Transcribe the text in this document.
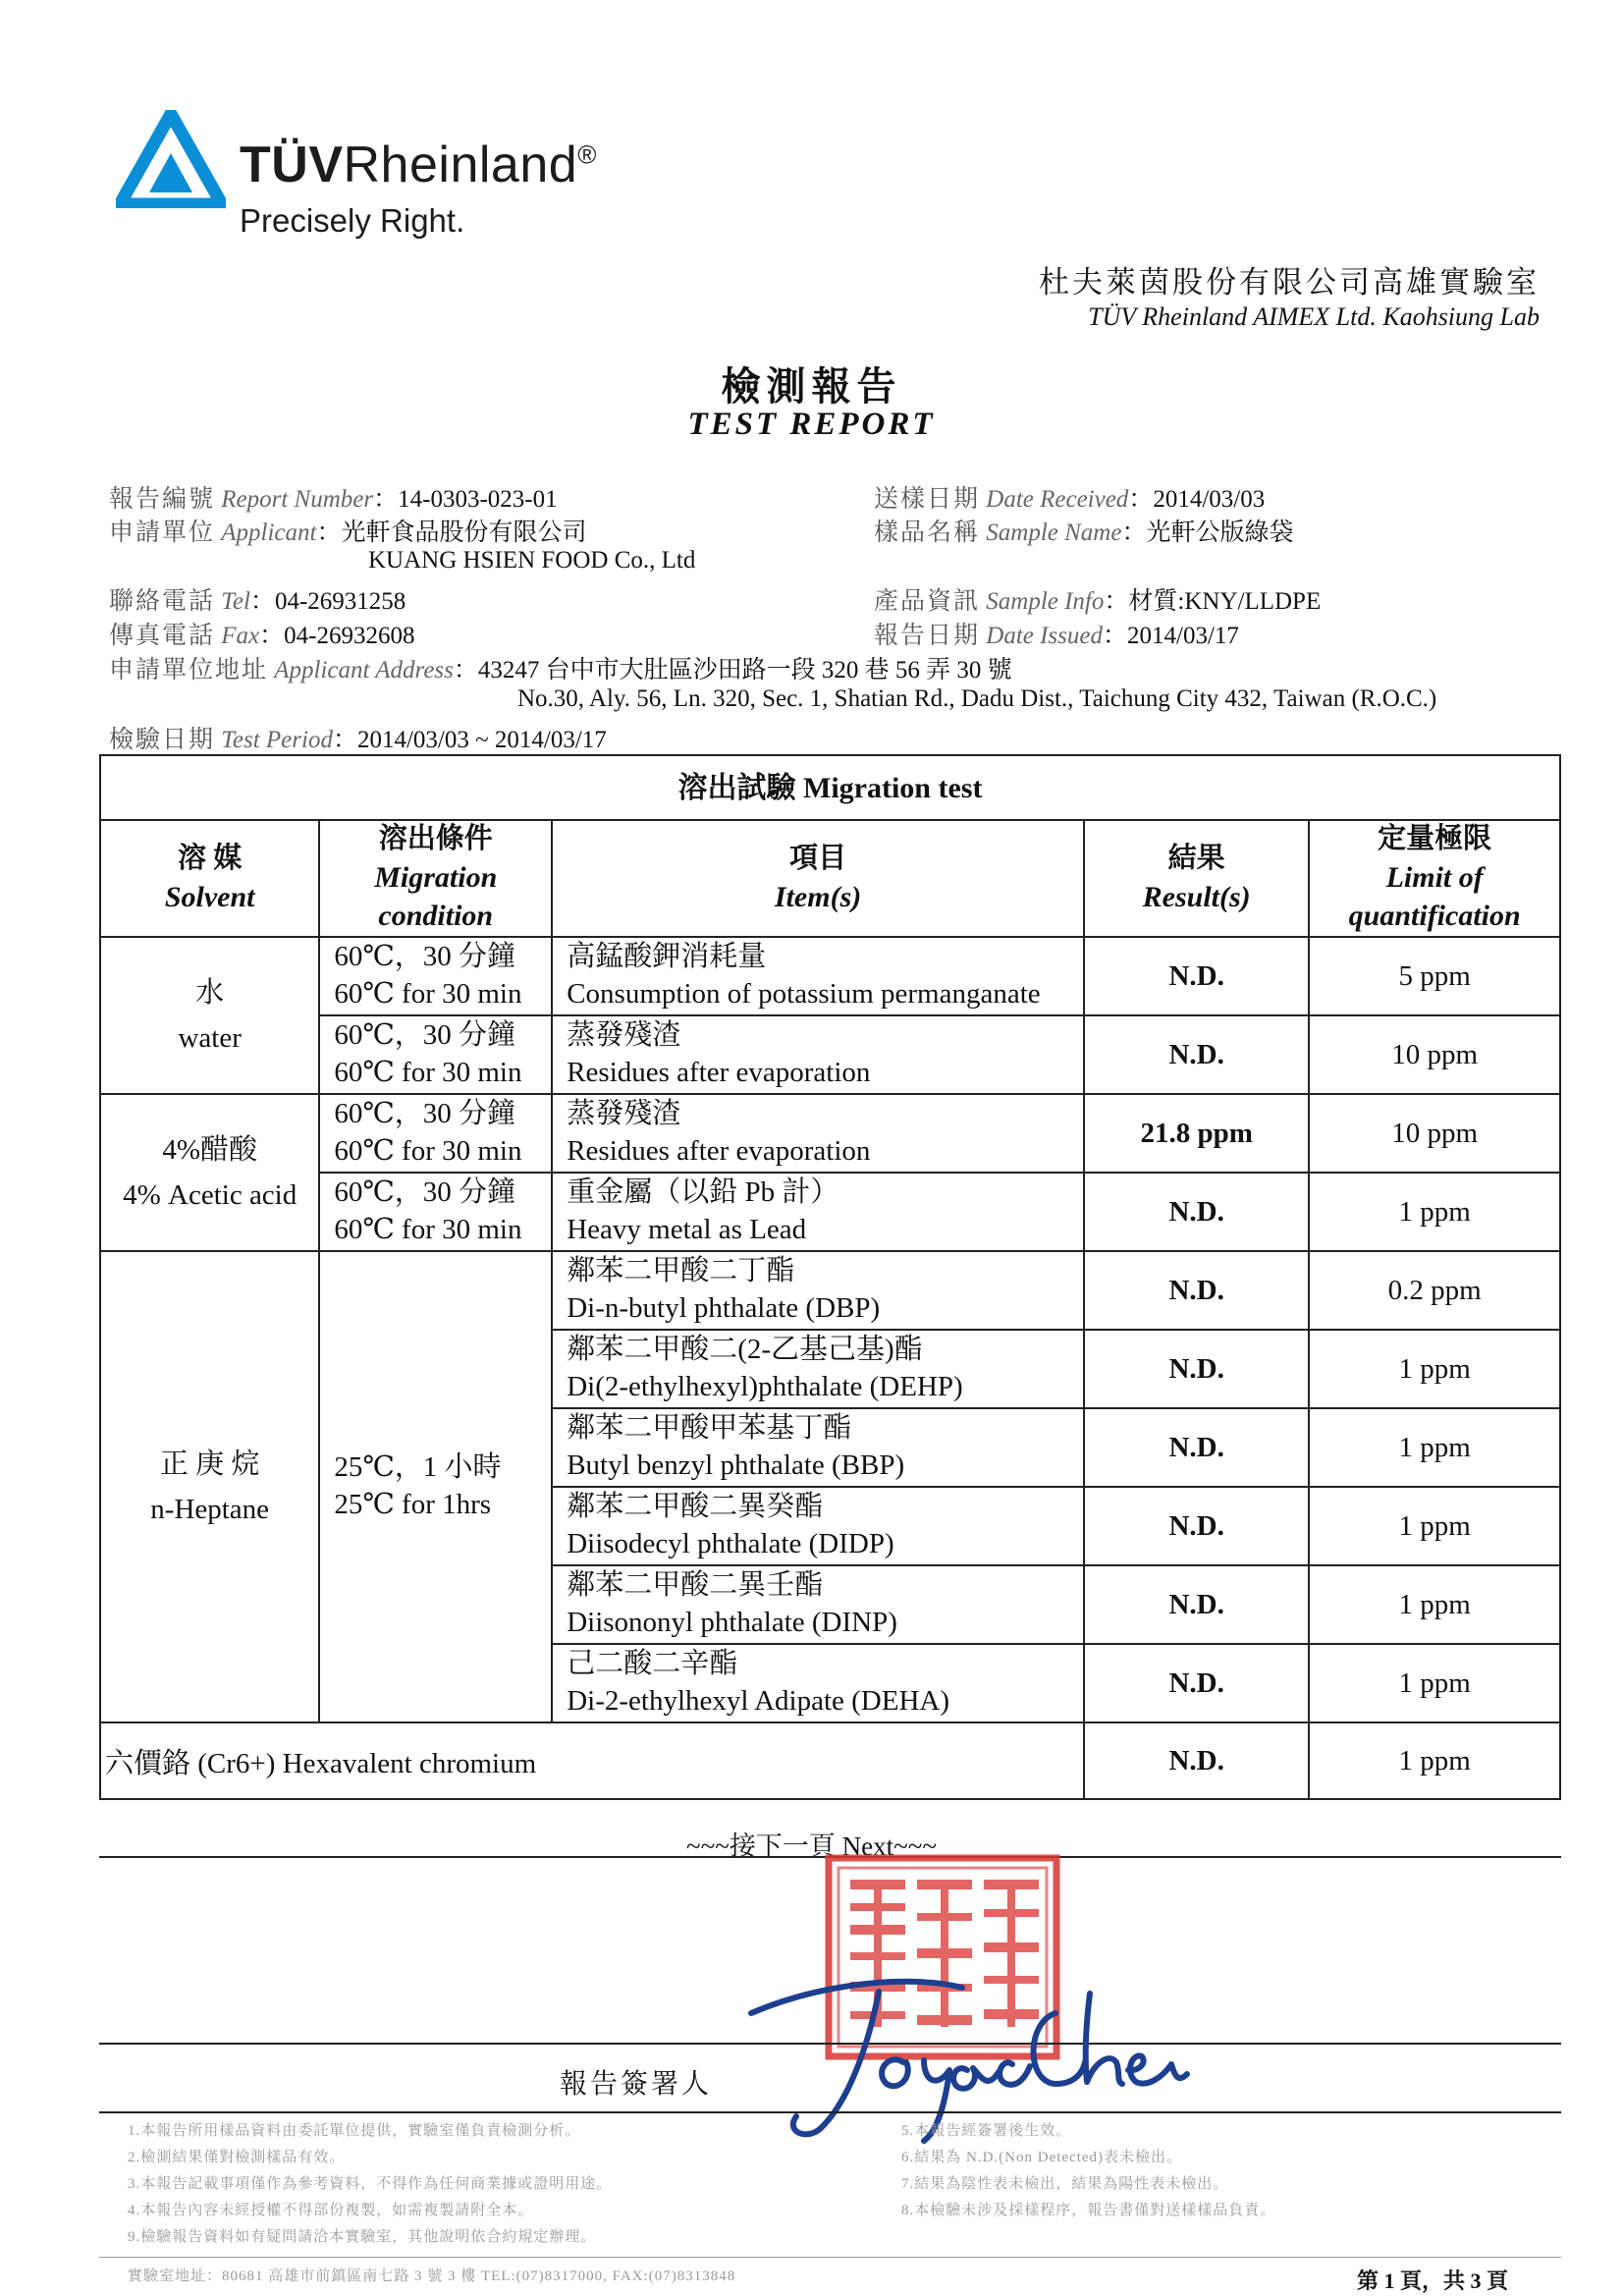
TÜVRheinland®
Precisely Right.
杜夫萊茵股份有限公司高雄實驗室
TÜV Rheinland AIMEX Ltd. Kaohsiung Lab
檢測報告
TEST REPORT
報告編號 Report Number：14-0303-023-01
申請單位 Applicant：光軒食品股份有限公司
KUANG HSIEN FOOD Co., Ltd
聯絡電話 Tel：04-26931258
傳真電話 Fax：04-26932608
申請單位地址 Applicant Address：43247 台中市大肚區沙田路一段 320 巷 56 弄 30 號
No.30, Aly. 56, Ln. 320, Sec. 1, Shatian Rd., Dadu Dist., Taichung City 432, Taiwan (R.O.C.)
檢驗日期 Test Period：2014/03/03 ~ 2014/03/17
送樣日期 Date Received：2014/03/03
樣品名稱 Sample Name：光軒公版綠袋
產品資訊 Sample Info：材質:KNY/LLDPE
報告日期 Date Issued：2014/03/17
溶出試驗 Migration test				
溶 媒
Solvent	溶出條件
Migration
condition	項目
Item(s)	結果
Result(s)	定量極限
Limit of
quantification
水
water	60℃，30 分鐘
60℃ for 30 min	高錳酸鉀消耗量
Consumption of potassium permanganate	N.D.	5 ppm
	60℃，30 分鐘
60℃ for 30 min	蒸發殘渣
Residues after evaporation	N.D.	10 ppm
4%醋酸
4% Acetic acid	60℃，30 分鐘
60℃ for 30 min	蒸發殘渣
Residues after evaporation	21.8 ppm	10 ppm
	60℃，30 分鐘
60℃ for 30 min	重金屬（以鉛 Pb 計）
Heavy metal as Lead	N.D.	1 ppm
正 庚 烷
n-Heptane	25℃，1 小時
25℃ for 1hrs	鄰苯二甲酸二丁酯
Di-n-butyl phthalate (DBP)	N.D.	0.2 ppm
		鄰苯二甲酸二(2-乙基己基)酯
Di(2-ethylhexyl)phthalate (DEHP)	N.D.	1 ppm
		鄰苯二甲酸甲苯基丁酯
Butyl benzyl phthalate (BBP)	N.D.	1 ppm
		鄰苯二甲酸二異癸酯
Diisodecyl phthalate (DIDP)	N.D.	1 ppm
		鄰苯二甲酸二異壬酯
Diisononyl phthalate (DINP)	N.D.	1 ppm
		己二酸二辛酯
Di-2-ethylhexyl Adipate (DEHA)	N.D.	1 ppm
六價鉻 (Cr6+) Hexavalent chromium			N.D.	1 ppm
~~~接下一頁 Next~~~
報告簽署人
1.本報告所用樣品資料由委託單位提供，實驗室僅負責檢測分析。
2.檢測結果僅對檢測樣品有效。
3.本報告記載事項僅作為參考資料，不得作為任何商業據或證明用途。
4.本報告內容未經授權不得部份複製，如需複製請附全本。
9.檢驗報告資料如有疑問請洽本實驗室，其他說明依合約規定辦理。
5.本報告經簽署後生效。
6.結果為 N.D.(Non Detected)表未檢出。
7.結果為陰性表未檢出，結果為陽性表未檢出。
8.本檢驗未涉及採樣程序，報告書僅對送樣樣品負責。
實驗室地址：80681 高雄市前鎮區南七路 3 號 3 樓 TEL:(07)8317000, FAX:(07)8313848	第 1 頁，共 3 頁
